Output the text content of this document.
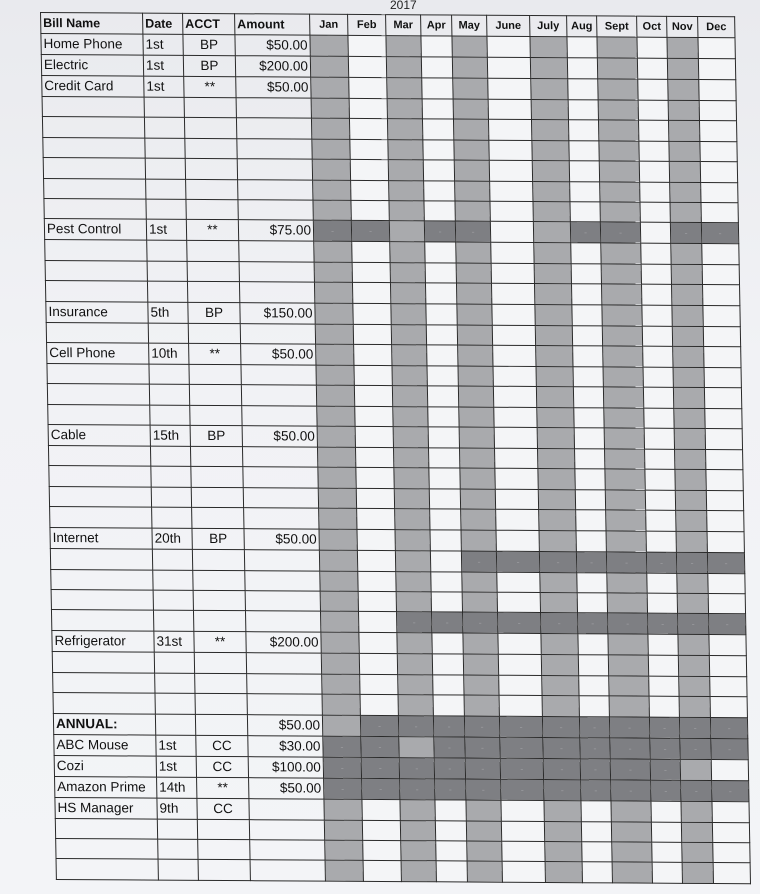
2017
Bill Name	Date	ACCT	Amount	Jan	Feb	Mar	Apr	May	June	July	Aug	Sept	Oct	Nov	Dec
Home Phone	1st	BP	$50.00												
Electric	1st	BP	$200.00												
Credit Card	1st	**	$50.00												

Pest Control	1st	**	$75.00	-	-		-	-			-	-		-	-

Insurance	5th	BP	$150.00												

Cell Phone	10th	**	$50.00												

Cable	15th	BP	$50.00												

Internet	20th	BP	$50.00												
								-	-	-	-	-	-	-	-

						-	-	-	-	-	-	-	-	-	-
Refrigerator	31st	**	$200.00												

ANNUAL:			$50.00		-	-	-	-	-	-	-	-	-	-	-
ABC Mouse	1st	CC	$30.00	-	-		-	-	-	-	-	-	-	-	-
Cozi	1st	CC	$100.00	-	-	-	-	-	-	-	-	-	-		
Amazon Prime	14th	**	$50.00	-	-	-	-	-	-	-	-	-	-	-	-
HS Manager	9th	CC													
